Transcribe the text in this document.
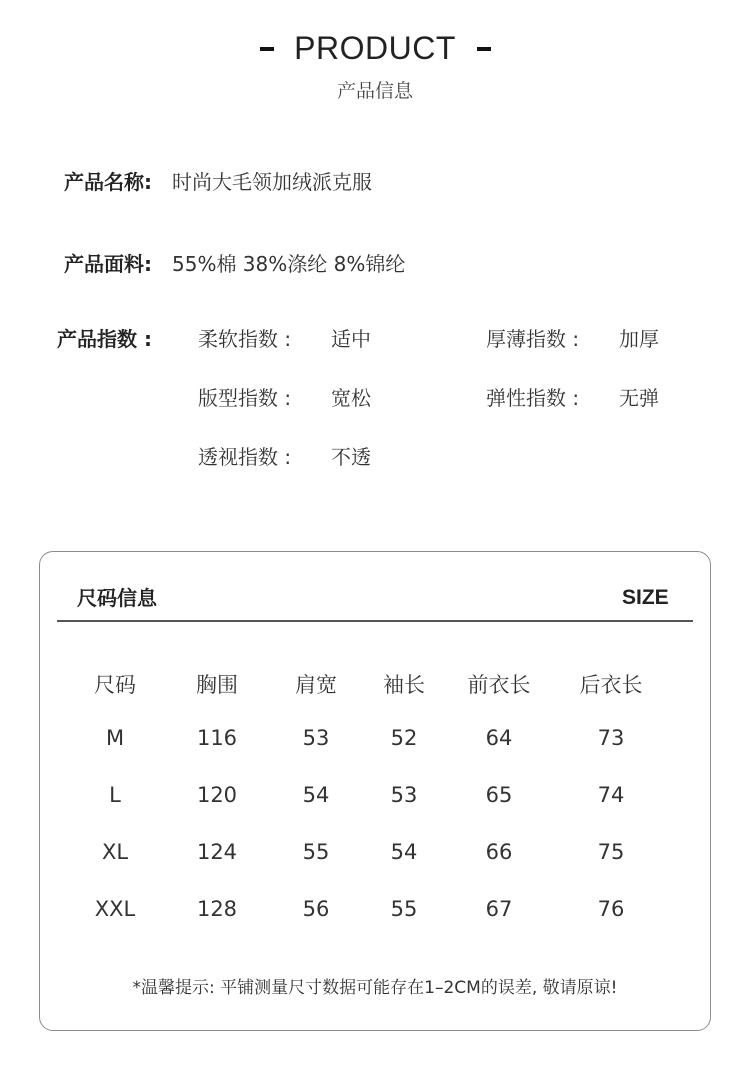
PRODUCT
产品信息
产品名称: 时尚大毛领加绒派克服
产品面料: 55%棉 38%涤纶 8%锦纶
产品指数 : 柔软指数 : 适中	厚薄指数 : 加厚
版型指数 : 宽松	弹性指数 : 无弹
透视指数 : 不透
尺码信息	SIZE
尺码	胸围	肩宽	袖长	前衣长	后衣长
M	116	53	52	64	73
L	120	54	53	65	74
XL	124	55	54	66	75
XXL	128	56	55	67	76
*温馨提示: 平铺测量尺寸数据可能存在1–2CM的误差, 敬请原谅!
